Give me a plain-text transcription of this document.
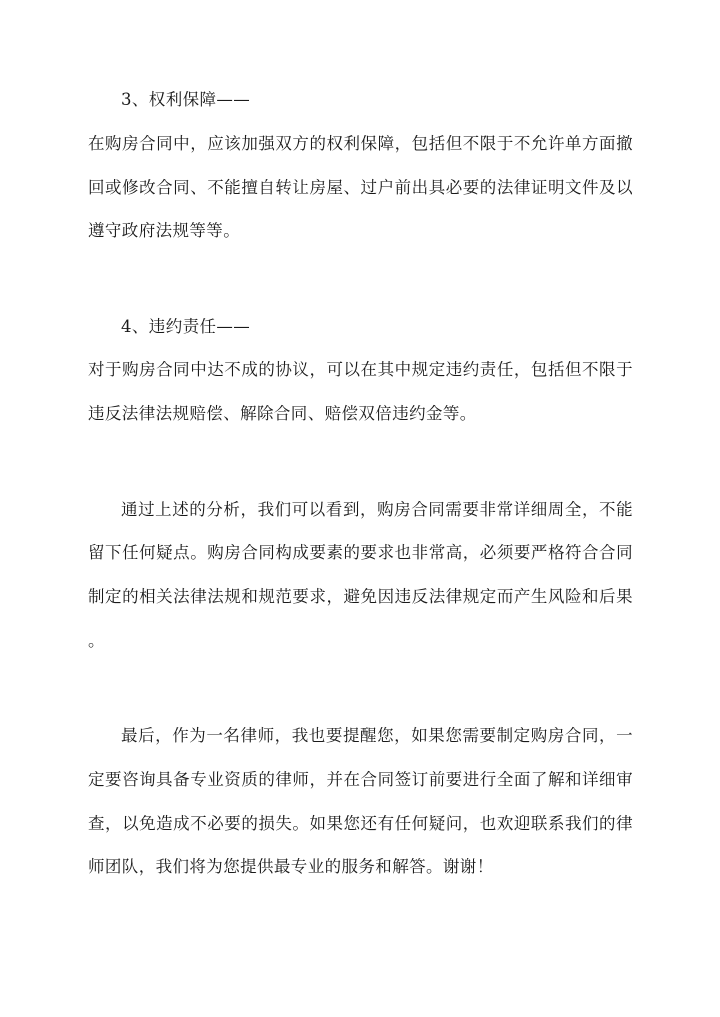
3、权利保障——
在购房合同中，应该加强双方的权利保障，包括但不限于不允许单方面撤
回或修改合同、不能擅自转让房屋、过户前出具必要的法律证明文件及以
遵守政府法规等等。
4、违约责任——
对于购房合同中达不成的协议，可以在其中规定违约责任，包括但不限于
违反法律法规赔偿、解除合同、赔偿双倍违约金等。
通过上述的分析，我们可以看到，购房合同需要非常详细周全，不能
留下任何疑点。购房合同构成要素的要求也非常高，必须要严格符合合同
制定的相关法律法规和规范要求，避免因违反法律规定而产生风险和后果
。
最后，作为一名律师，我也要提醒您，如果您需要制定购房合同，一
定要咨询具备专业资质的律师，并在合同签订前要进行全面了解和详细审
查，以免造成不必要的损失。如果您还有任何疑问，也欢迎联系我们的律
师团队，我们将为您提供最专业的服务和解答。谢谢！
